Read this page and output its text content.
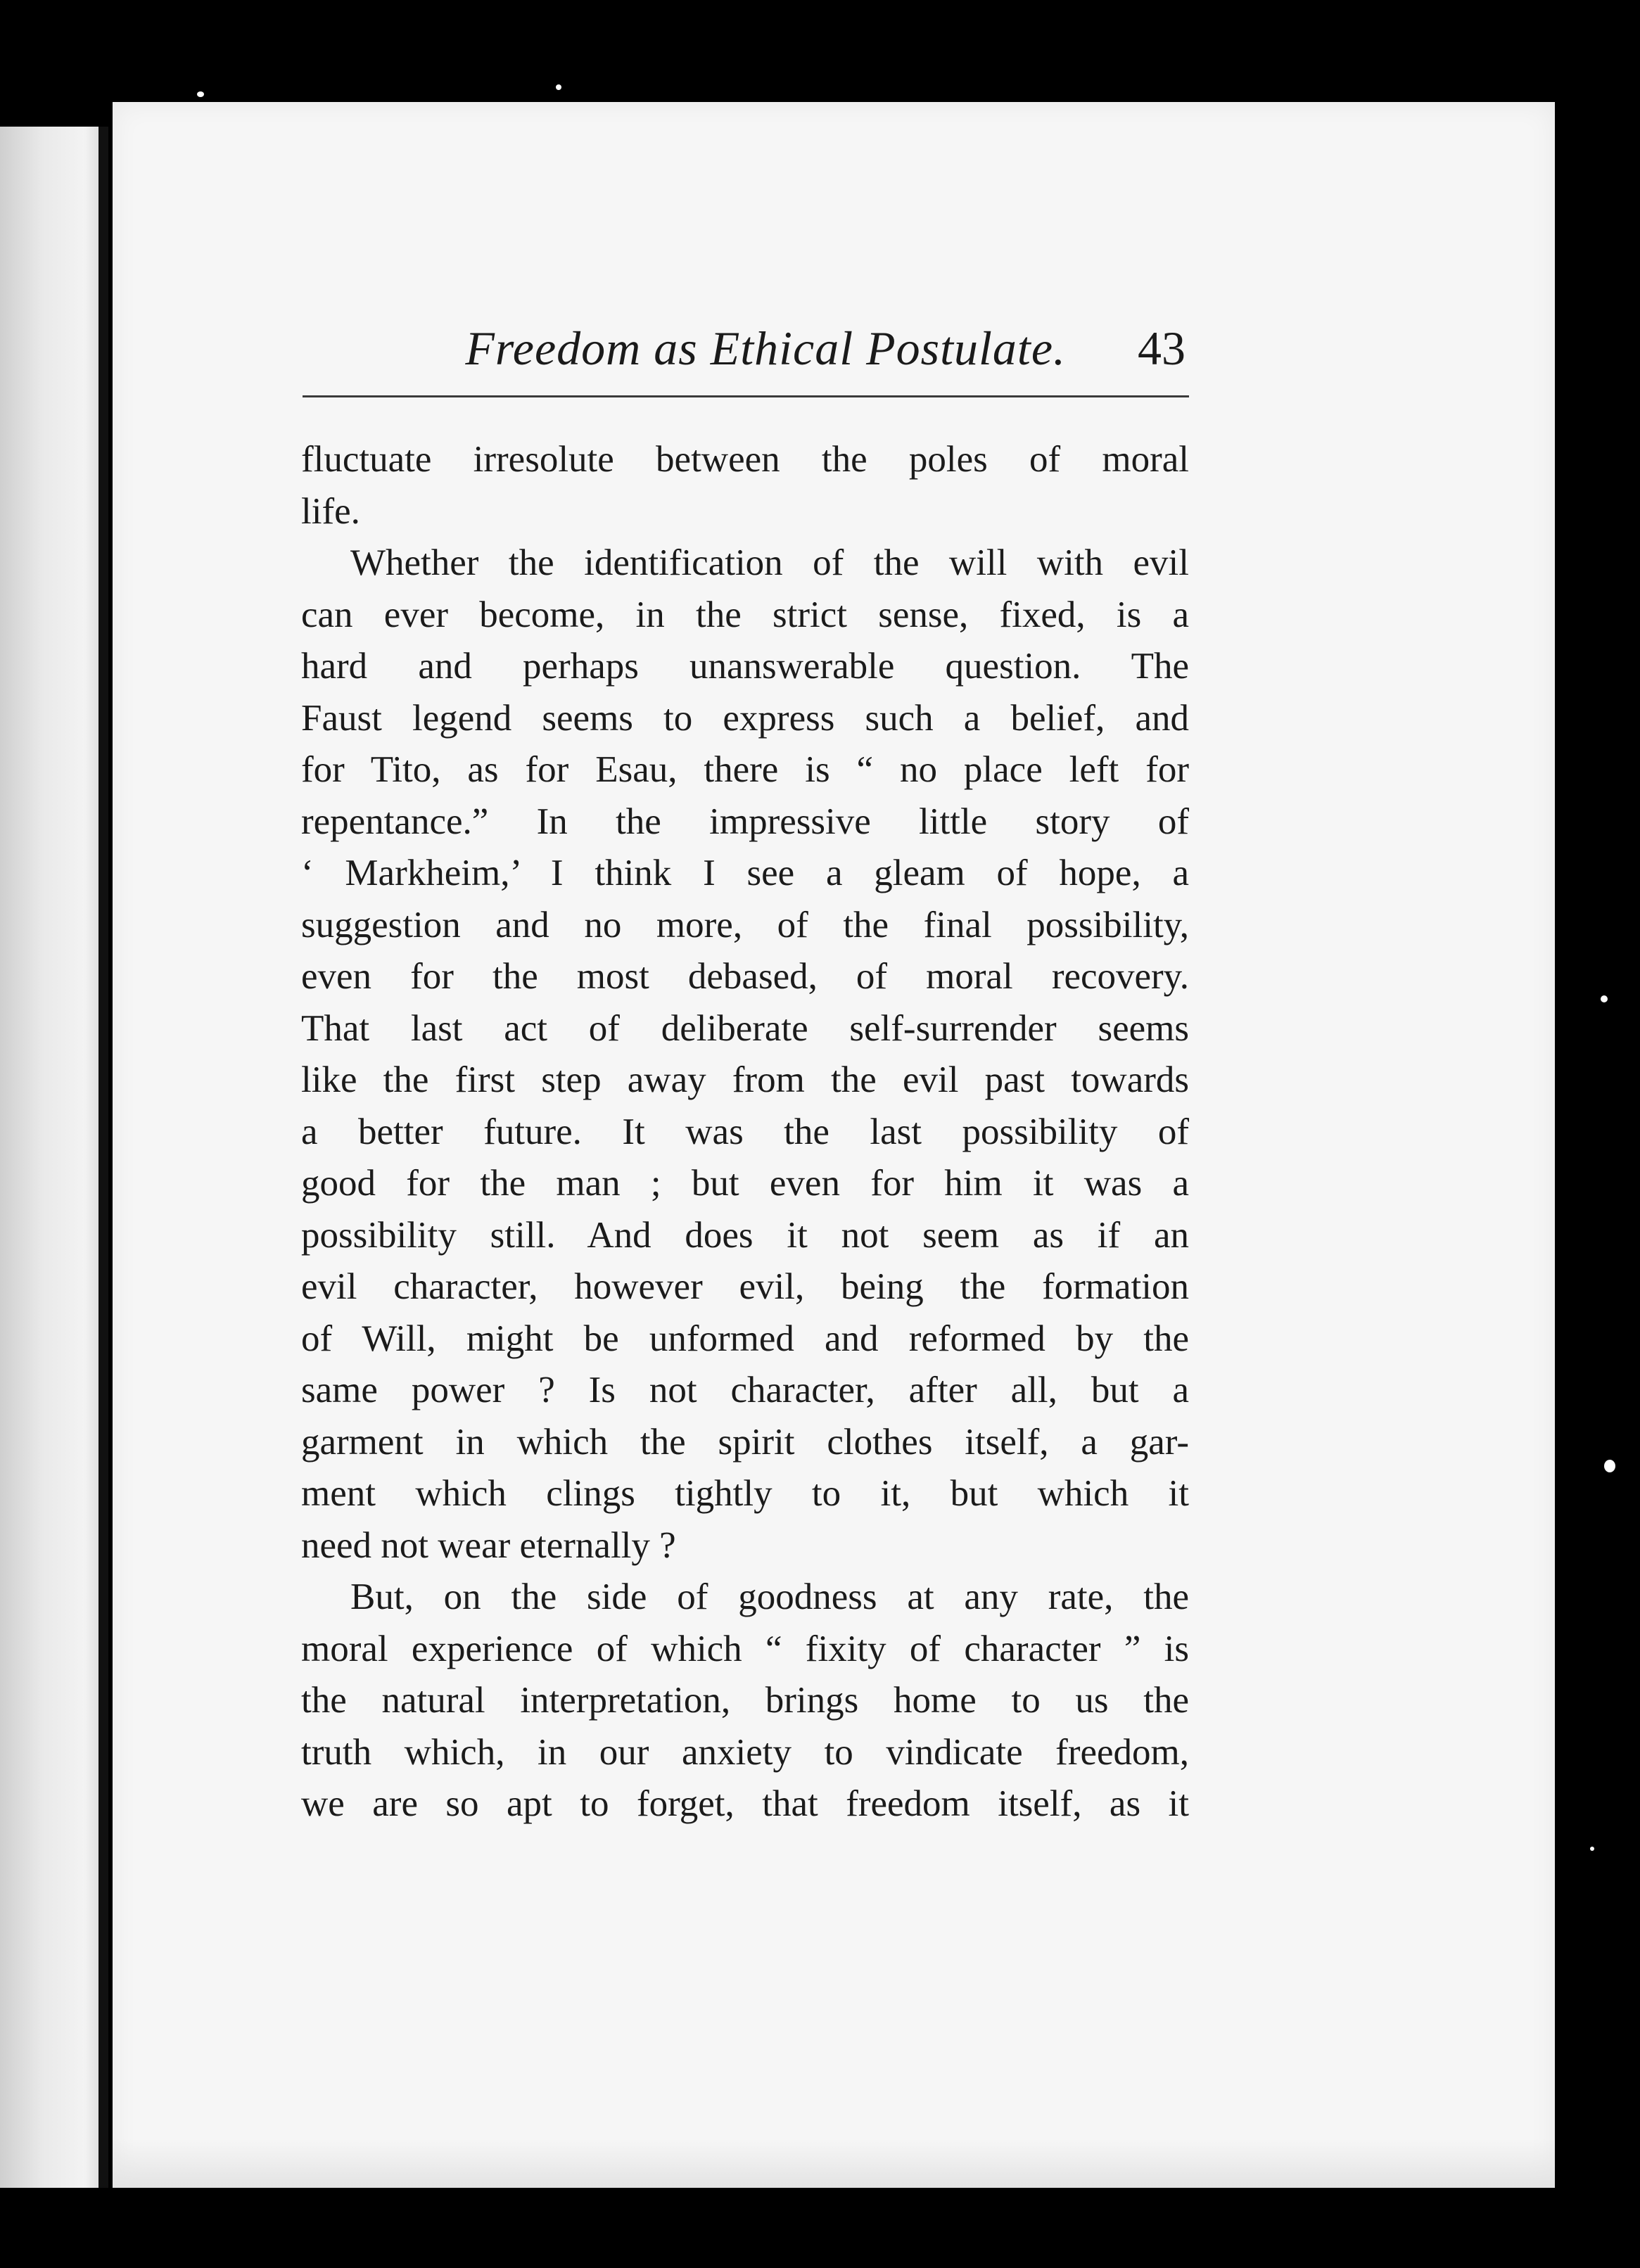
Freedom as Ethical Postulate. 43
fluctuate irresolute between the poles of moral
life.
Whether the identification of the will with evil
can ever become, in the strict sense, fixed, is a
hard and perhaps unanswerable question. The
Faust legend seems to express such a belief, and
for Tito, as for Esau, there is “ no place left for
repentance.” In the impressive little story of
‘ Markheim,’ I think I see a gleam of hope, a
suggestion and no more, of the final possibility,
even for the most debased, of moral recovery.
That last act of deliberate self-surrender seems
like the first step away from the evil past towards
a better future. It was the last possibility of
good for the man ; but even for him it was a
possibility still. And does it not seem as if an
evil character, however evil, being the formation
of Will, might be unformed and reformed by the
same power ? Is not character, after all, but a
garment in which the spirit clothes itself, a gar-
ment which clings tightly to it, but which it
need not wear eternally ?
But, on the side of goodness at any rate, the
moral experience of which “ fixity of character ” is
the natural interpretation, brings home to us the
truth which, in our anxiety to vindicate freedom,
we are so apt to forget, that freedom itself, as it
